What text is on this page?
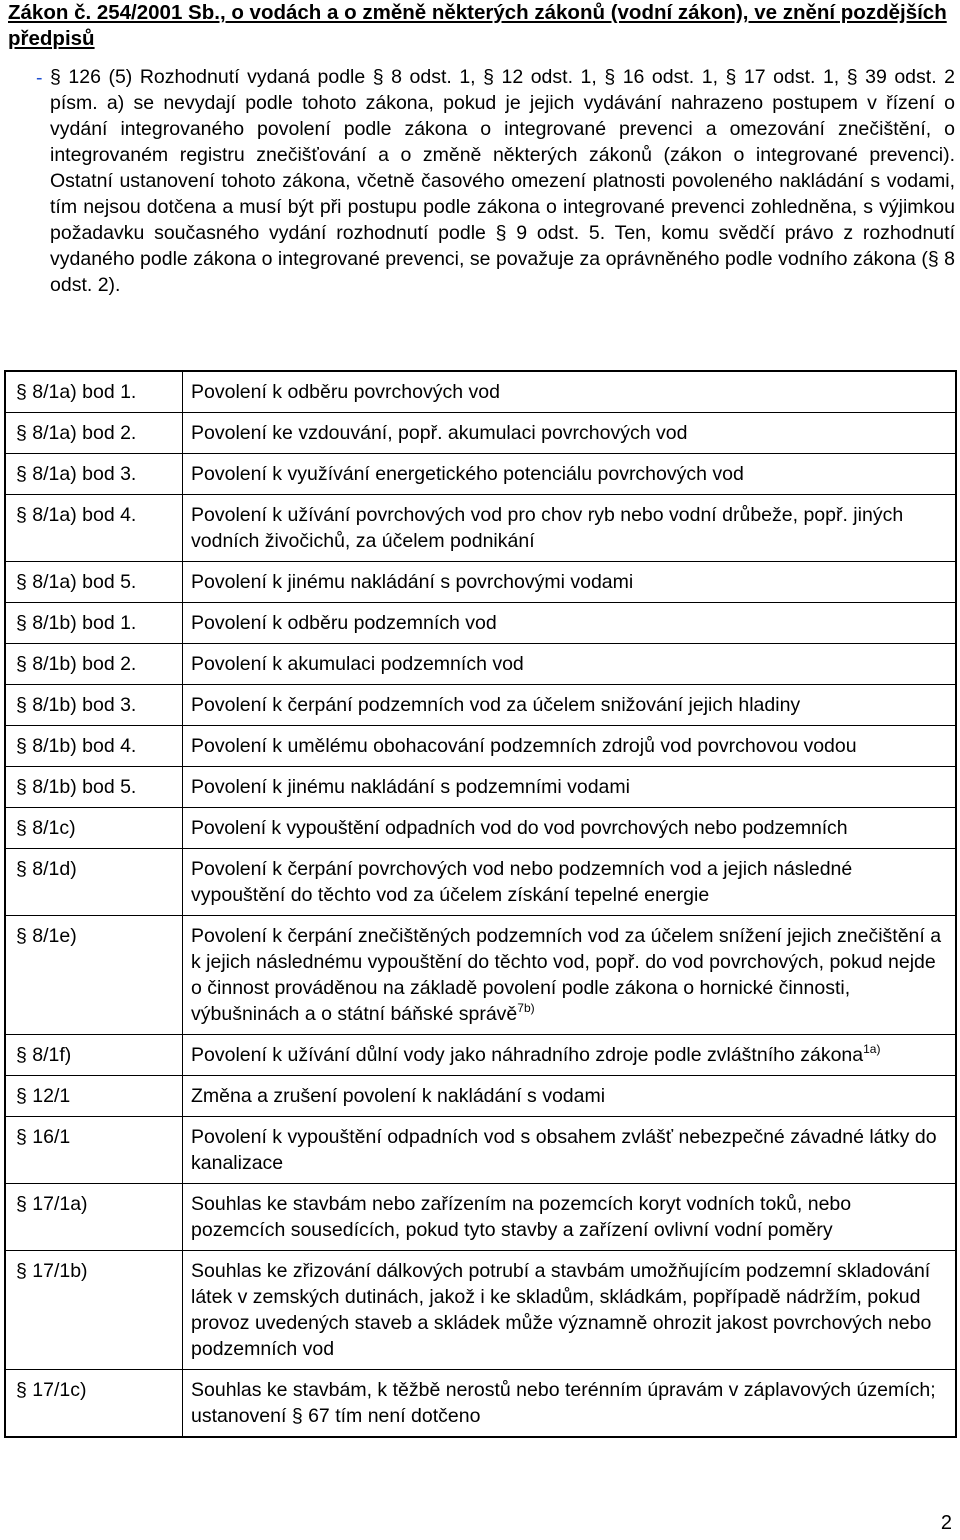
Zákon č. 254/2001 Sb., o vodách a o změně některých zákonů (vodní zákon), ve znění pozdějších předpisů
- § 126 (5) Rozhodnutí vydaná podle § 8 odst. 1, § 12 odst. 1, § 16 odst. 1, § 17 odst. 1, § 39 odst. 2 písm. a) se nevydají podle tohoto zákona, pokud je jejich vydávání nahrazeno postupem v řízení o vydání integrovaného povolení podle zákona o integrované prevenci a omezování znečištění, o integrovaném registru znečišťování a o změně některých zákonů (zákon o integrované prevenci). Ostatní ustanovení tohoto zákona, včetně časového omezení platnosti povoleného nakládání s vodami, tím nejsou dotčena a musí být při postupu podle zákona o integrované prevenci zohledněna, s výjimkou požadavku současného vydání rozhodnutí podle § 9 odst. 5. Ten, komu svědčí právo z rozhodnutí vydaného podle zákona o integrované prevenci, se považuje za oprávněného podle vodního zákona (§ 8 odst. 2).

§ 8/1a) bod 1.	Povolení k odběru povrchových vod
§ 8/1a) bod 2.	Povolení ke vzdouvání, popř. akumulaci povrchových vod
§ 8/1a) bod 3.	Povolení k využívání energetického potenciálu povrchových vod
§ 8/1a) bod 4.	Povolení k užívání povrchových vod pro chov ryb nebo vodní drůbeže, popř. jiných vodních živočichů, za účelem podnikání
§ 8/1a) bod 5.	Povolení k jinému nakládání s povrchovými vodami
§ 8/1b) bod 1.	Povolení k odběru podzemních vod
§ 8/1b) bod 2.	Povolení k akumulaci podzemních vod
§ 8/1b) bod 3.	Povolení k čerpání podzemních vod za účelem snižování jejich hladiny
§ 8/1b) bod 4.	Povolení k umělému obohacování podzemních zdrojů vod povrchovou vodou
§ 8/1b) bod 5.	Povolení k jinému nakládání s podzemními vodami
§ 8/1c)	Povolení k vypouštění odpadních vod do vod povrchových nebo podzemních
§ 8/1d)	Povolení k čerpání povrchových vod nebo podzemních vod a jejich následné vypouštění do těchto vod za účelem získání tepelné energie
§ 8/1e)	Povolení k čerpání znečištěných podzemních vod za účelem snížení jejich znečištění a k jejich následnému vypouštění do těchto vod, popř. do vod povrchových, pokud nejde o činnost prováděnou na základě povolení podle zákona o hornické činnosti, výbušninách a o státní báňské správě$^{7b)}$
§ 8/1f)	Povolení k užívání důlní vody jako náhradního zdroje podle zvláštního zákona$^{1a)}$
§ 12/1	Změna a zrušení povolení k nakládání s vodami
§ 16/1	Povolení k vypouštění odpadních vod s obsahem zvlášť nebezpečné závadné látky do kanalizace
§ 17/1a)	Souhlas ke stavbám nebo zařízením na pozemcích koryt vodních toků, nebo pozemcích sousedících, pokud tyto stavby a zařízení ovlivní vodní poměry
§ 17/1b)	Souhlas ke zřizování dálkových potrubí a stavbám umožňujícím podzemní skladování látek v zemských dutinách, jakož i ke skladům, skládkám, popřípadě nádržím, pokud provoz uvedených staveb a skládek může významně ohrozit jakost povrchových nebo podzemních vod
§ 17/1c)	Souhlas ke stavbám, k těžbě nerostů nebo terénním úpravám v záplavových územích; ustanovení § 67 tím není dotčeno
2
